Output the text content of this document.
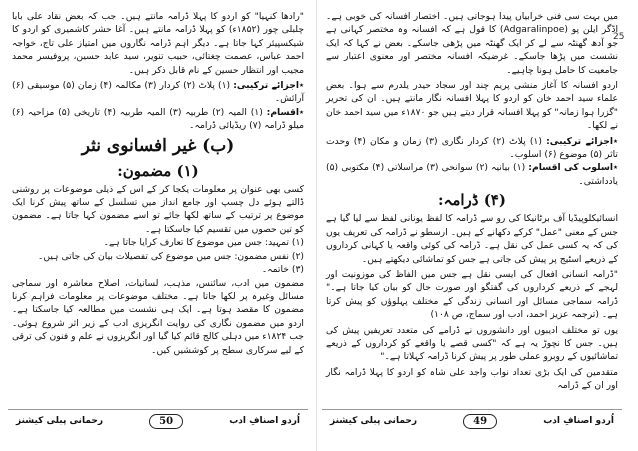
25

میں بہت سی فنی خرابیاں پیدا ہوجاتی ہیں۔ اختصار افسانہ کی خوبی ہے۔ اڈگر ایلن پو (Adgaralinpoe) کا قول ہے کہ افسانہ وہ مختصر کہانی ہے جو آدھ گھنٹہ سے لے کر ایک گھنٹہ میں پڑھی جاسکے۔ بعض نے کہا کہ ایک نشست میں پڑھا جاسکے۔ غرضیکہ افسانہ مختصر اور معنوی اعتبار سے جامعیت کا حامل ہونا چاہیے۔

اردو افسانہ کا آغاز منشی پریم چند اور سجاد حیدر یلدرم سے ہوا۔ بعض علماء سید احمد خان کو اردو کا پہلا افسانہ نگار مانتے ہیں۔ ان کی تحریر "گزرا ہوا زمانہ" کو پہلا افسانہ قرار دیتے ہیں جو ۱۸۷۰ء میں سید احمد خان نے لکھا۔

٭اجزائے ترکیبی: (۱) پلاٹ (۲) کردار نگاری (۳) زمان و مکان (۴) وحدت تاثر (۵) موضوع (۶) اسلوب۔

٭اسلوب کی اقسام: (۱) بیانیہ (۲) سوانحی (۳) مراسلاتی (۴) مکتوبی (۵) یادداشتی۔

(۴) ڈرامہ:

انسائیکلوپیڈیا آف برٹانیکا کی رو سے ڈرامہ کا لفظ یونانی لفظ سے لیا گیا ہے جس کے معنی "عمل" کرکے دکھانے کے ہیں۔ ارسطو نے ڈرامہ کی تعریف یوں کی کہ یہ کسی عمل کی نقل ہے۔ ڈرامہ کی کوئی واقعہ یا کہانی کرداروں کے ذریعے اسٹیج پر پیش کی جاتی ہے جس کو تماشائی دیکھتے ہیں۔

"ڈرامہ انسانی افعال کی ایسی نقل ہے جس میں الفاظ کی موزونیت اور لہجے کے ذریعے کرداروں کی گفتگو اور صورت حال کو بیان کیا جاتا ہے۔" ڈرامہ سماجی مسائل اور انسانی زندگی کے مختلف پہلوؤں کو پیش کرتا ہے۔ (ترجمہ عزیز احمد، ادب اور سماج، ص ۱۰۸)

یوں تو مختلف ادیبوں اور دانشوروں نے ڈرامے کی متعدد تعریفیں پیش کی ہیں۔ جس کا نچوڑ یہ ہے کہ "کسی قصے یا واقعے کو کرداروں کے ذریعے تماشائیوں کے روبرو عملی طور پر پیش کرنا ڈرامہ کہلاتا ہے۔"

متقدمین کی ایک بڑی تعداد نواب واجد علی شاہ کو اردو کا پہلا ڈرامہ نگار اور ان کے ڈرامہ

اُردو اصنافِ ادب
49
رحمانی پبلی کیشنز

"رادھا کنہیا" کو اردو کا پہلا ڈرامہ مانتے ہیں۔ جب کہ بعض نقاد علی بابا چلبلی چور (۱۸۵۲ء) کو پہلا ڈرامہ مانتے ہیں۔ آغا حشر کاشمیری کو اردو کا شیکسپیئر کہا جاتا ہے۔ دیگر اہم ڈرامہ نگاروں میں امتیاز علی تاج، خواجہ احمد عباس، عصمت چغتائی، حبیب تنویر، سید عابد حسین، پروفیسر محمد مجیب اور انتظار حسین کے نام قابل ذکر ہیں۔

٭اجزائے ترکیبی: (۱) پلاٹ (۲) کردار (۳) مکالمہ (۴) زمان (۵) موسیقی (۶) آرائش۔

٭اقسام: (۱) المیہ (۲) طربیہ (۳) المیہ طربیہ (۴) تاریخی (۵) مزاحیہ (۶) میلو ڈرامہ (۷) ریڈیائی ڈرامہ۔

(ب) غیر افسانوی نثر

(۱) مضمون:

کسی بھی عنوان پر معلومات یکجا کر کے اس کے ذیلی موضوعات پر روشنی ڈالتے ہوئے دل چسپ اور جامع انداز میں تسلسل کے ساتھ پیش کرنا ایک موضوع پر ترتیب کے ساتھ لکھا جائے تو اسے مضمون کہا جاتا ہے۔ مضمون کو تین حصوں میں تقسیم کیا جاسکتا ہے۔

(۱) تمہید: جس میں موضوع کا تعارف کرایا جاتا ہے۔

(۲) نفس مضمون: جس میں موضوع کی تفصیلات بیان کی جاتی ہیں۔

(۳) خاتمہ۔

مضمون میں ادب، سائنس، مذہب، لسانیات، اصلاح معاشرہ اور سماجی مسائل وغیرہ پر لکھا جاتا ہے۔ مختلف موضوعات پر معلومات فراہم کرنا مضمون کا مقصد ہوتا ہے۔ ایک ہی نشست میں مطالعہ کیا جاسکتا ہے۔ اردو میں مضمون نگاری کی روایت انگریزی ادب کے زیر اثر شروع ہوئی۔ جب ۱۸۲۴ء میں دہلی کالج قائم کیا گیا اور انگریزوں نے علم و فنون کی ترقی کے لیے سرکاری سطح پر کوششیں کیں۔

اُردو اصنافِ ادب
50
رحمانی پبلی کیشنز
